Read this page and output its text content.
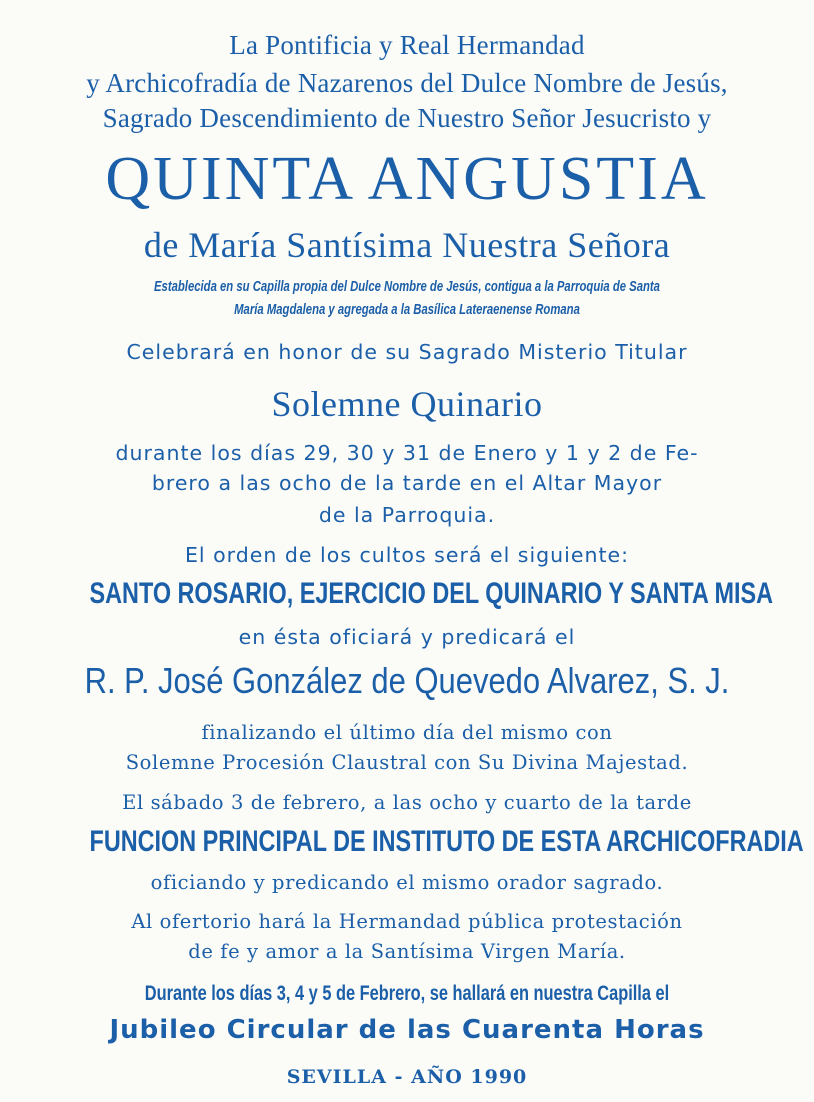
La Pontificia y Real Hermandad
y Archicofradía de Nazarenos del Dulce Nombre de Jesús,
Sagrado Descendimiento de Nuestro Señor Jesucristo y
QUINTA ANGUSTIA
de María Santísima Nuestra Señora
Establecida en su Capilla propia del Dulce Nombre de Jesús, contigua a la Parroquia de Santa
María Magdalena y agregada a la Basílica Lateraenense Romana
Celebrará en honor de su Sagrado Misterio Titular
Solemne Quinario
durante los días 29, 30 y 31 de Enero y 1 y 2 de Fe-
brero a las ocho de la tarde en el Altar Mayor
de la Parroquia.
El orden de los cultos será el siguiente:
SANTO ROSARIO, EJERCICIO DEL QUINARIO Y SANTA MISA
en ésta oficiará y predicará el
R. P. José González de Quevedo Alvarez, S. J.
finalizando el último día del mismo con
Solemne Procesión Claustral con Su Divina Majestad.
El sábado 3 de febrero, a las ocho y cuarto de la tarde
FUNCION PRINCIPAL DE INSTITUTO DE ESTA ARCHICOFRADIA
oficiando y predicando el mismo orador sagrado.
Al ofertorio hará la Hermandad pública protestación
de fe y amor a la Santísima Virgen María.
Durante los días 3, 4 y 5 de Febrero, se hallará en nuestra Capilla el
Jubileo Circular de las Cuarenta Horas
SEVILLA - AÑO 1990
